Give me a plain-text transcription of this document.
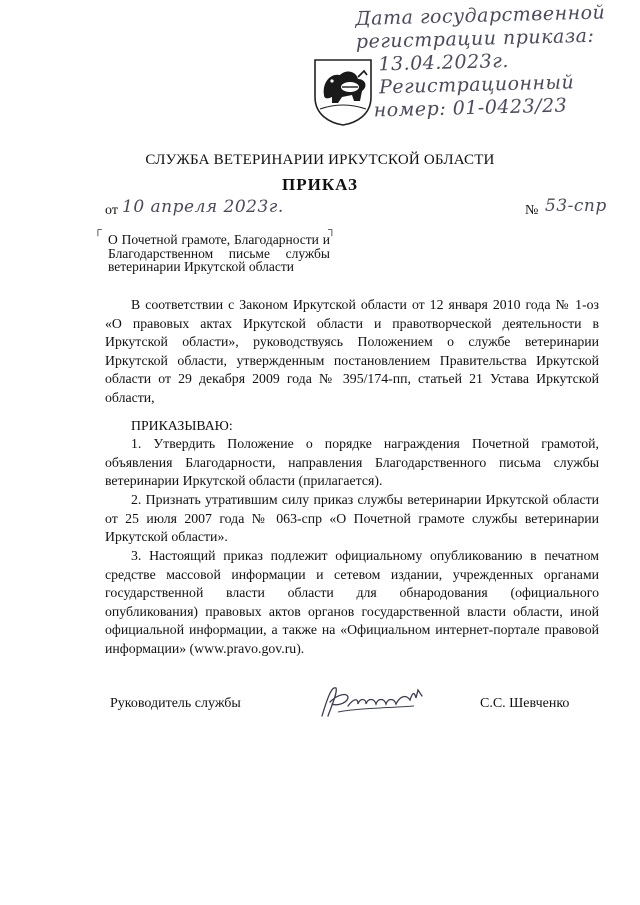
Дата государственной
регистрации приказа:
13.04.2023г.
Регистрационный
номер: 01-0423/23
СЛУЖБА ВЕТЕРИНАРИИ ИРКУТСКОЙ ОБЛАСТИ
ПРИКАЗ
от 10 апреля 2023г.	№ 53-спр
┌	┐
О Почетной грамоте, Благодарности и Благодарственном письме службы ветеринарии Иркутской области
В соответствии с Законом Иркутской области от 12 января 2010 года № 1-оз «О правовых актах Иркутской области и правотворческой деятельности в Иркутской области», руководствуясь Положением о службе ветеринарии Иркутской области, утвержденным постановлением Правительства Иркутской области от 29 декабря 2009 года № 395/174-пп, статьей 21 Устава Иркутской области,
ПРИКАЗЫВАЮ:
1. Утвердить Положение о порядке награждения Почетной грамотой, объявления Благодарности, направления Благодарственного письма службы ветеринарии Иркутской области (прилагается).
2. Признать утратившим силу приказ службы ветеринарии Иркутской области от 25 июля 2007 года № 063-спр «О Почетной грамоте службы ветеринарии Иркутской области».
3. Настоящий приказ подлежит официальному опубликованию в печатном средстве массовой информации и сетевом издании, учрежденных органами государственной власти области для обнародования (официального опубликования) правовых актов органов государственной власти области, иной официальной информации, а также на «Официальном интернет-портале правовой информации» (www.pravo.gov.ru).
Руководитель службы	С.С. Шевченко
